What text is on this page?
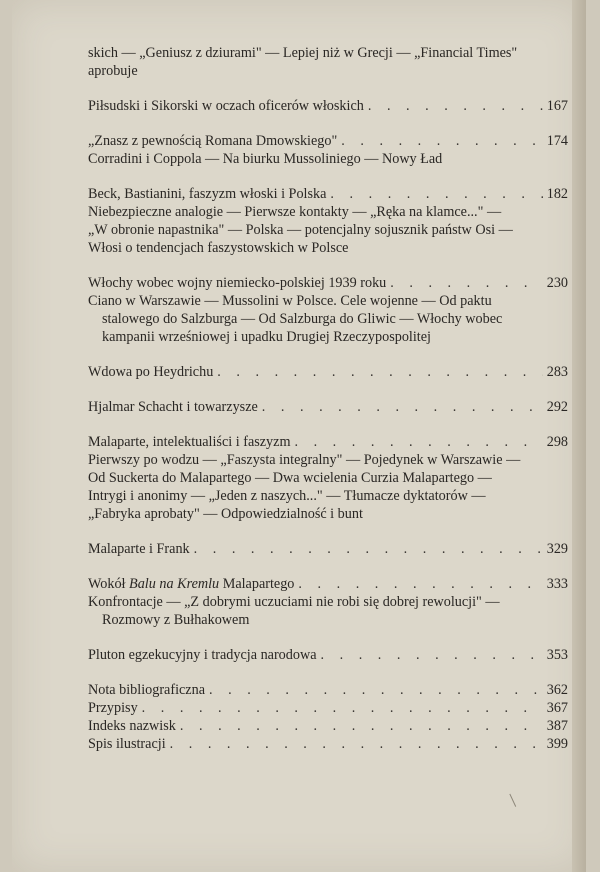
skich — „Geniusz z dziurami" — Lepiej niż w Grecji — „Financial Times"
aprobuje
Piłsudski i Sikorski w oczach oficerów włoskich . . .	167
„Znasz z pewnością Romana Dmowskiego" . . .	174
Corradini i Coppola — Na biurku Mussoliniego — Nowy Ład
Beck, Bastianini, faszyzm włoski i Polska . . .	182
Niebezpieczne analogie — Pierwsze kontakty — „Ręka na klamce..." —
„W obronie napastnika" — Polska — potencjalny sojusznik państw Osi —
Włosi o tendencjach faszystowskich w Polsce
Włochy wobec wojny niemiecko-polskiej 1939 roku . . .	230
Ciano w Warszawie — Mussolini w Polsce. Cele wojenne — Od paktu
stalowego do Salzburga — Od Salzburga do Gliwic — Włochy wobec
kampanii wrześniowej i upadku Drugiej Rzeczypospolitej
Wdowa po Heydrichu . . .	283
Hjalmar Schacht i towarzysze . . .	292
Malaparte, intelektualiści i faszyzm . . .	298
Pierwszy po wodzu — „Faszysta integralny" — Pojedynek w Warszawie —
Od Suckerta do Malapartego — Dwa wcielenia Curzia Malapartego —
Intrygi i anonimy — „Jeden z naszych..." — Tłumacze dyktatorów —
„Fabryka aprobaty" — Odpowiedzialność i bunt
Malaparte i Frank . . .	329
Wokół Balu na Kremlu Malapartego . . .	333
Konfrontacje — „Z dobrymi uczuciami nie robi się dobrej rewolucji" —
Rozmowy z Bułhakowem
Pluton egzekucyjny i tradycja narodowa . . .	353
Nota bibliograficzna . . .	362
Przypisy . . .	367
Indeks nazwisk . . .	387
Spis ilustracji . . .	399
